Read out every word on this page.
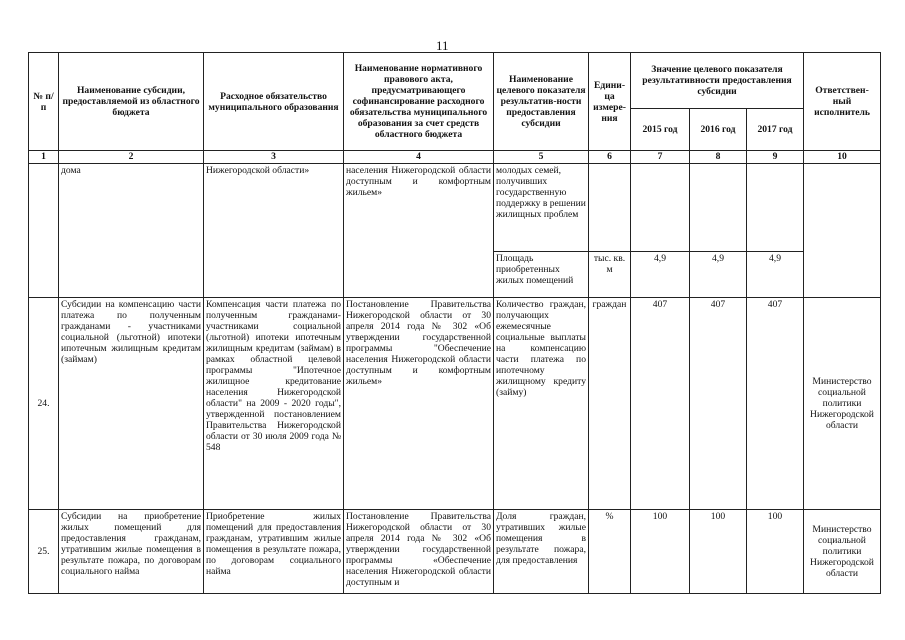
11
№ п/п	Наименование субсидии, предоставляемой из областного бюджета	Расходное обязательство муниципального образования	Наименование нормативного правового акта, предусматривающего софинансирование расходного обязательства муниципального образования за счет средств областного бюджета	Наименование целевого показателя результатив-ности предоставления субсидии	Едини-ца измере-ния	Значение целевого показателя результативности предоставления субсидии			Ответствен-ный исполнитель
						2015 год	2016 год	2017 год	
1	2	3	4	5	6	7	8	9	10
	дома	Нижегородской области»	населения Нижегородской области доступным и комфортным жильем»	молодых семей, получивших государственную поддержку в решении жилищных проблем					
				Площадь приобретенных жилых помещений	тыс. кв. м	4,9	4,9	4,9	
24.	Субсидии на компенсацию части платежа по полученным гражданами - участниками социальной (льготной) ипотеки ипотечным жилищным кредитам (займам)	Компенсация части платежа по полученным гражданами-участниками социальной (льготной) ипотеки ипотечным жилищным кредитам (займам) в рамках областной целевой программы "Ипотечное жилищное кредитование населения Нижегородской области" на 2009 - 2020 годы", утвержденной постановлением Правительства Нижегородской области от 30 июля 2009 года № 548	Постановление Правительства Нижегородской области от 30 апреля 2014 года № 302 «Об утверждении государственной программы "Обеспечение населения Нижегородской области доступным и комфортным жильем»	Количество граждан, получающих ежемесячные социальные выплаты на компенсацию части платежа по ипотечному жилищному кредиту (займу)	граждан	407	407	407	Министерство социальной политики Нижегородской области
25.	Субсидии на приобретение жилых помещений для предоставления гражданам, утратившим жилые помещения в результате пожара, по договорам социального найма	Приобретение жилых помещений для предоставления гражданам, утратившим жилые помещения в результате пожара, по договорам социального найма	Постановление Правительства Нижегородской области от 30 апреля 2014 года № 302 «Об утверждении государственной программы «Обеспечение населения Нижегородской области доступным и	Доля граждан, утративших жилые помещения в результате пожара, для предоставления	%	100	100	100	Министерство социальной политики Нижегородской области
